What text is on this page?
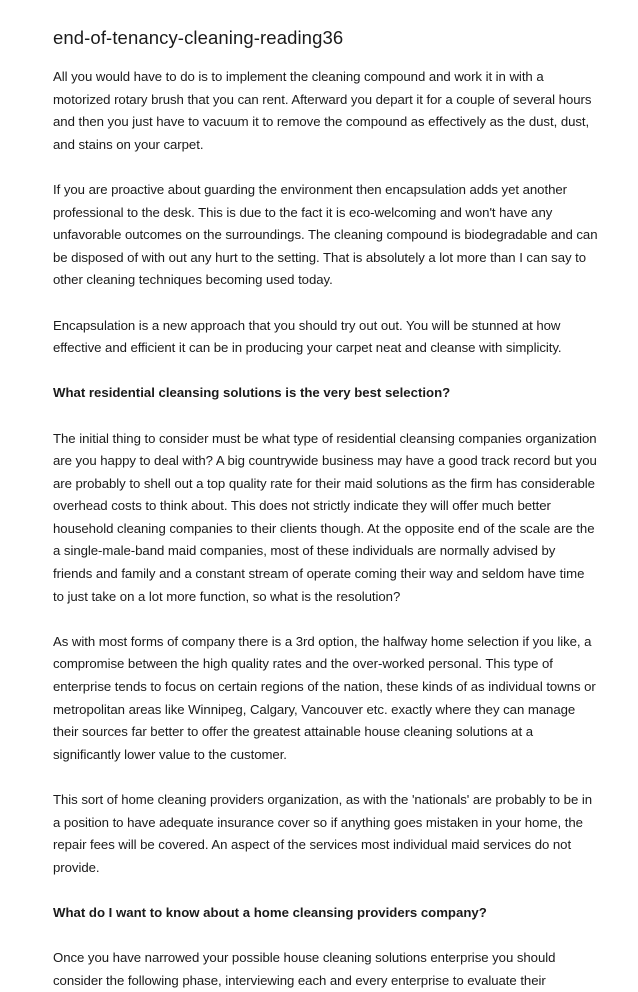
end-of-tenancy-cleaning-reading36

All you would have to do is to implement the cleaning compound and work it in with a motorized rotary brush that you can rent. Afterward you depart it for a couple of several hours and then you just have to vacuum it to remove the compound as effectively as the dust, dust, and stains on your carpet.

If you are proactive about guarding the environment then encapsulation adds yet another professional to the desk. This is due to the fact it is eco-welcoming and won't have any unfavorable outcomes on the surroundings. The cleaning compound is biodegradable and can be disposed of with out any hurt to the setting. That is absolutely a lot more than I can say to other cleaning techniques becoming used today.

Encapsulation is a new approach that you should try out out. You will be stunned at how effective and efficient it can be in producing your carpet neat and cleanse with simplicity.

What residential cleansing solutions is the very best selection?

The initial thing to consider must be what type of residential cleansing companies organization are you happy to deal with? A big countrywide business may have a good track record but you are probably to shell out a top quality rate for their maid solutions as the firm has considerable overhead costs to think about. This does not strictly indicate they will offer much better household cleaning companies to their clients though. At the opposite end of the scale are the a single-male-band maid companies, most of these individuals are normally advised by friends and family and a constant stream of operate coming their way and seldom have time to just take on a lot more function, so what is the resolution?

As with most forms of company there is a 3rd option, the halfway home selection if you like, a compromise between the high quality rates and the over-worked personal. This type of enterprise tends to focus on certain regions of the nation, these kinds of as individual towns or metropolitan areas like Winnipeg, Calgary, Vancouver etc. exactly where they can manage their sources far better to offer the greatest attainable house cleaning solutions at a significantly lower value to the customer.

This sort of home cleaning providers organization, as with the 'nationals' are probably to be in a position to have adequate insurance cover so if anything goes mistaken in your home, the repair fees will be covered. An aspect of the services most individual maid services do not provide.

What do I want to know about a home cleansing providers company?

Once you have narrowed your possible house cleaning solutions enterprise you should consider the following phase, interviewing each and every enterprise to evaluate their
